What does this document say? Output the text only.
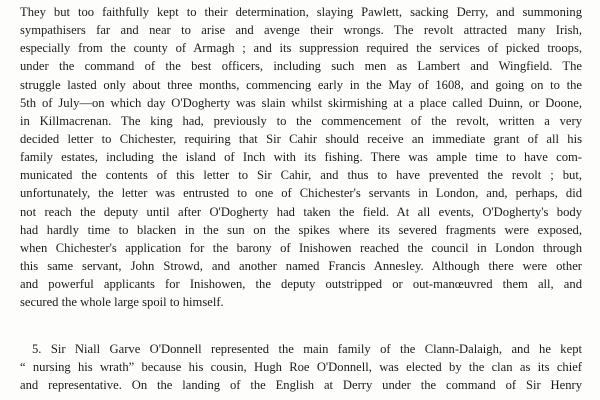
They but too faithfully kept to their determination, slaying Pawlett, sacking Derry, and summoning
sympathisers far and near to arise and avenge their wrongs. The revolt attracted many Irish,
especially from the county of Armagh ; and its suppression required the services of picked troops,
under the command of the best officers, including such men as Lambert and Wingfield. The
struggle lasted only about three months, commencing early in the May of 1608, and going on to the
5th of July—on which day O'Dogherty was slain whilst skirmishing at a place called Duinn, or Doone,
in Killmacrenan. The king had, previously to the commencement of the revolt, written a very
decided letter to Chichester, requiring that Sir Cahir should receive an immediate grant of all his
family estates, including the island of Inch with its fishing. There was ample time to have com-
municated the contents of this letter to Sir Cahir, and thus to have prevented the revolt ; but,
unfortunately, the letter was entrusted to one of Chichester's servants in London, and, perhaps, did
not reach the deputy until after O'Dogherty had taken the field. At all events, O'Dogherty's body
had hardly time to blacken in the sun on the spikes where its severed fragments were exposed,
when Chichester's application for the barony of Inishowen reached the council in London through
this same servant, John Strowd, and another named Francis Annesley. Although there were other
and powerful applicants for Inishowen, the deputy outstripped or out-manœuvred them all, and
secured the whole large spoil to himself.
5. Sir Niall Garve O'Donnell represented the main family of the Clann-Dalaigh, and he kept
“ nursing his wrath” because his cousin, Hugh Roe O'Donnell, was elected by the clan as its chief
and representative. On the landing of the English at Derry under the command of Sir Henry
